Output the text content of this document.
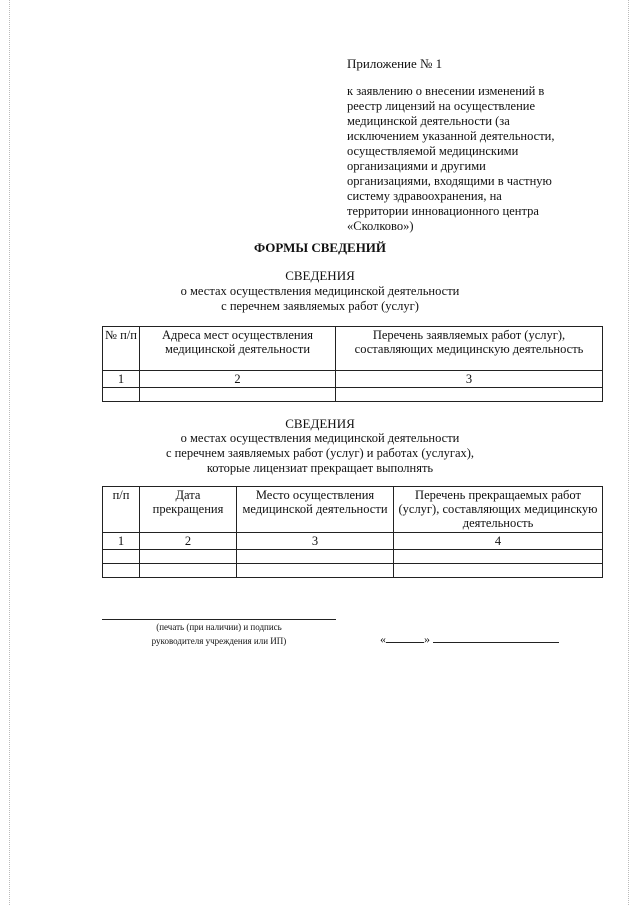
Приложение № 1
к заявлению о внесении изменений в
реестр лицензий на осуществление
медицинской деятельности (за
исключением указанной деятельности,
осуществляемой медицинскими
организациями и другими
организациями, входящими в частную
систему здравоохранения, на
территории инновационного центра
«Сколково»)
ФОРМЫ СВЕДЕНИЙ
СВЕДЕНИЯ
о местах осуществления медицинской деятельности
с перечнем заявляемых работ (услуг)
№ п/п	Адреса мест осуществления медицинской деятельности	Перечень заявляемых работ (услуг), составляющих медицинскую деятельность
1	2	3

СВЕДЕНИЯ
о местах осуществления медицинской деятельности
с перечнем заявляемых работ (услуг) и работах (услугах),
которые лицензиат прекращает выполнять
п/п	Дата прекращения	Место осуществления медицинской деятельности	Перечень прекращаемых работ (услуг), составляющих медицинскую деятельность
1	2	3	4

(печать (при наличии) и подпись
руководителя учреждения или ИП)	«	»
